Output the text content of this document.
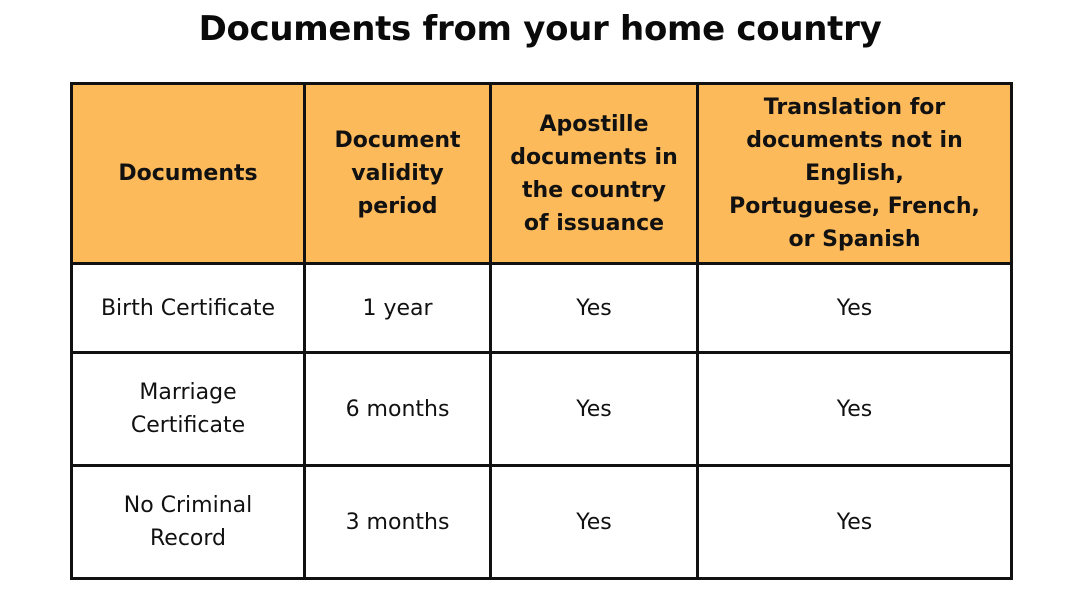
Documents from your home country
Documents	Document validity period	Apostille documents in the country of issuance	Translation for documents not in English, Portuguese, French, or Spanish
Birth Certificate	1 year	Yes	Yes
Marriage Certificate	6 months	Yes	Yes
No Criminal Record	3 months	Yes	Yes
